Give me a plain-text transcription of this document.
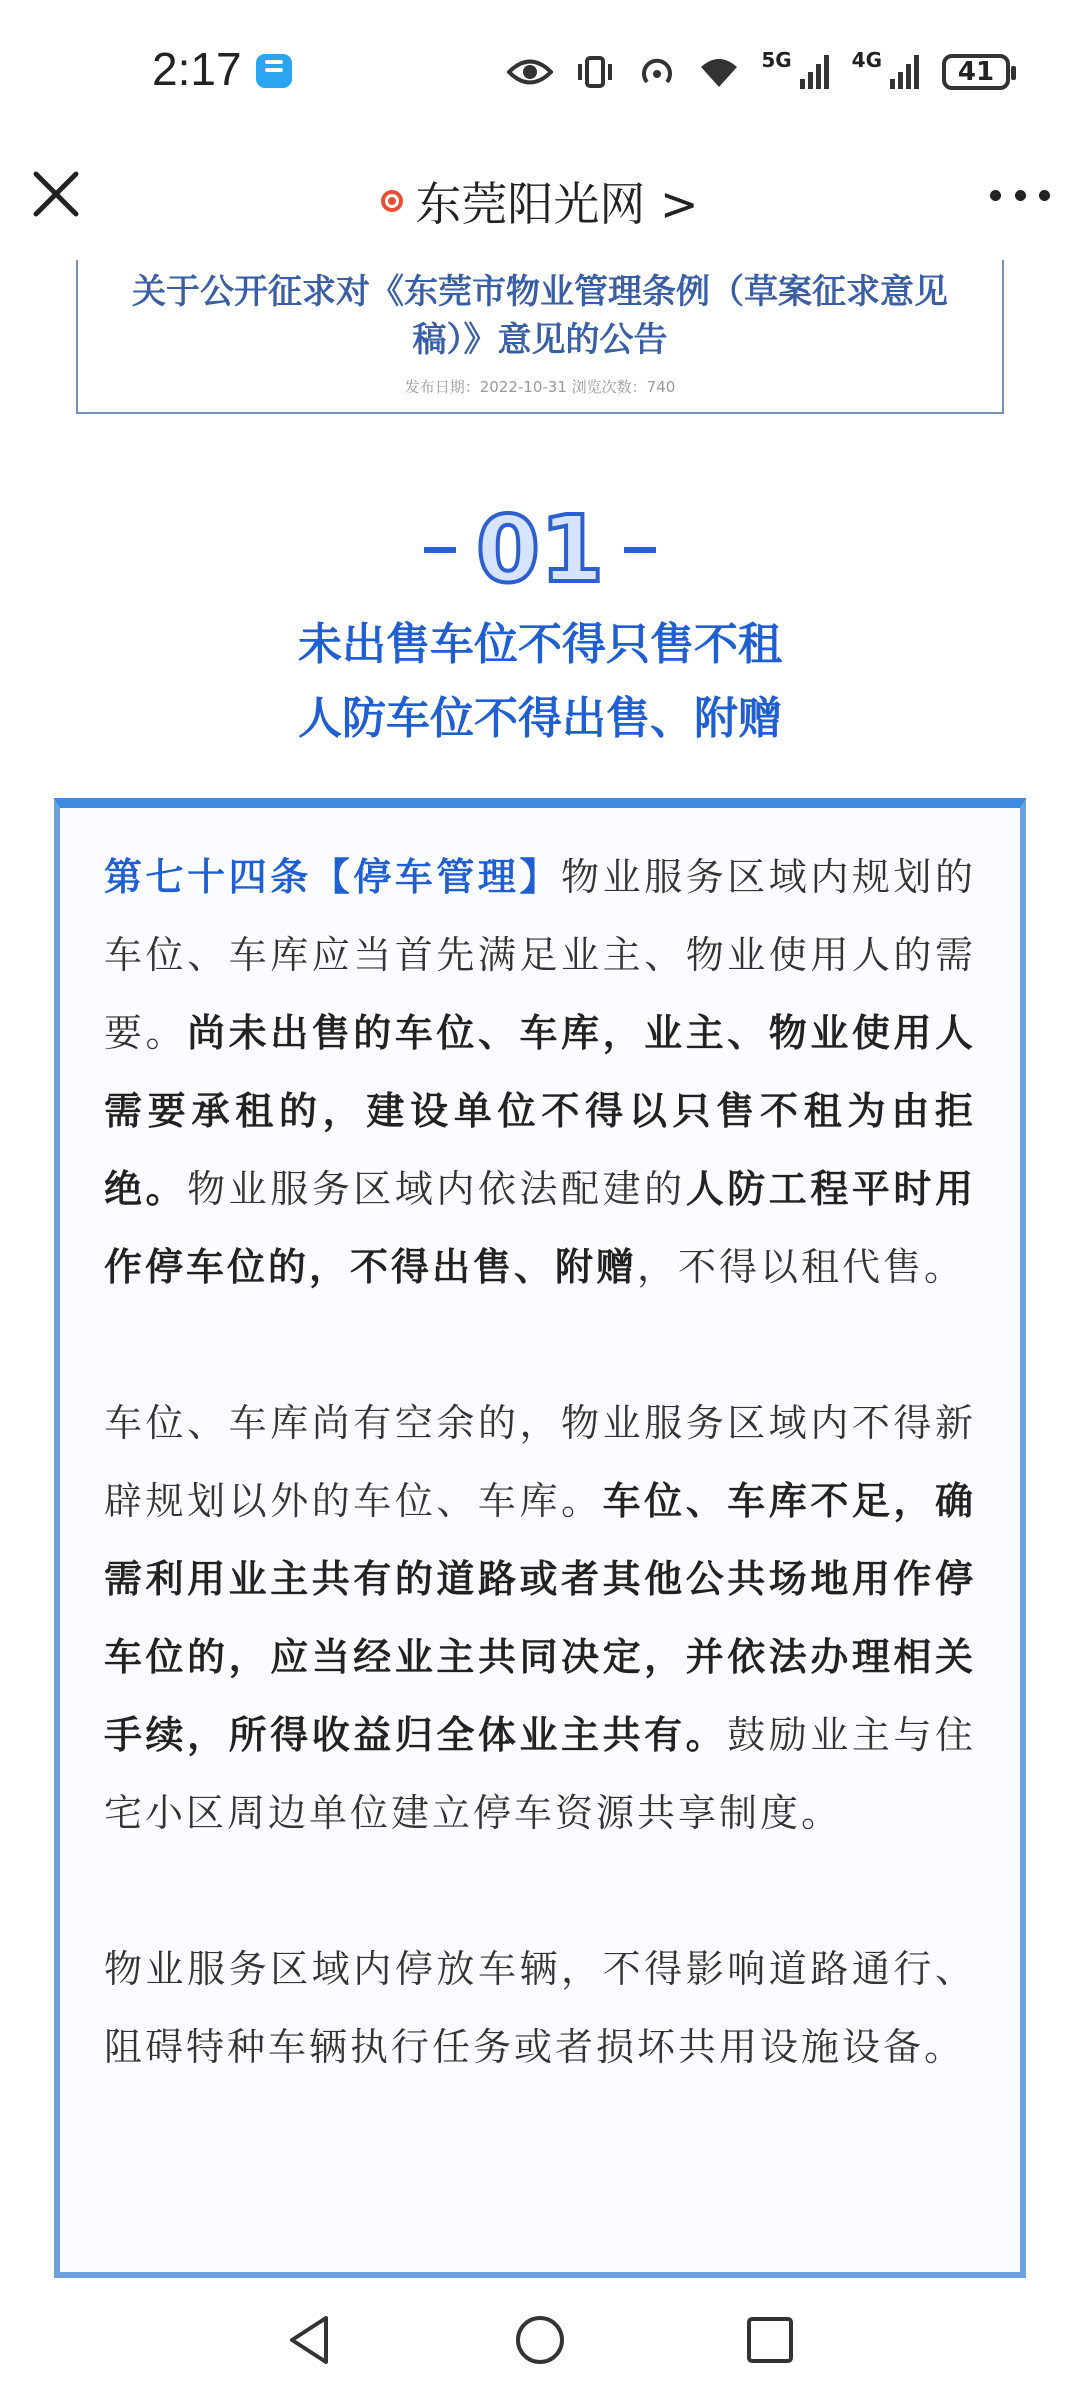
2:17	5G	4G	41
东莞阳光网 >
关于公开征求对《东莞市物业管理条例（草案征求意见稿）》意见的公告
发布日期：2022-10-31 浏览次数：740
01
未出售车位不得只售不租
人防车位不得出售、附赠

第七十四条【停车管理】物业服务区域内规划的车位、车库应当首先满足业主、物业使用人的需要。尚未出售的车位、车库，业主、物业使用人需要承租的，建设单位不得以只售不租为由拒绝。物业服务区域内依法配建的人防工程平时用作停车位的，不得出售、附赠，不得以租代售。

车位、车库尚有空余的，物业服务区域内不得新辟规划以外的车位、车库。车位、车库不足，确需利用业主共有的道路或者其他公共场地用作停车位的，应当经业主共同决定，并依法办理相关手续，所得收益归全体业主共有。鼓励业主与住宅小区周边单位建立停车资源共享制度。

物业服务区域内停放车辆，不得影响道路通行、阻碍特种车辆执行任务或者损坏共用设施设备。
